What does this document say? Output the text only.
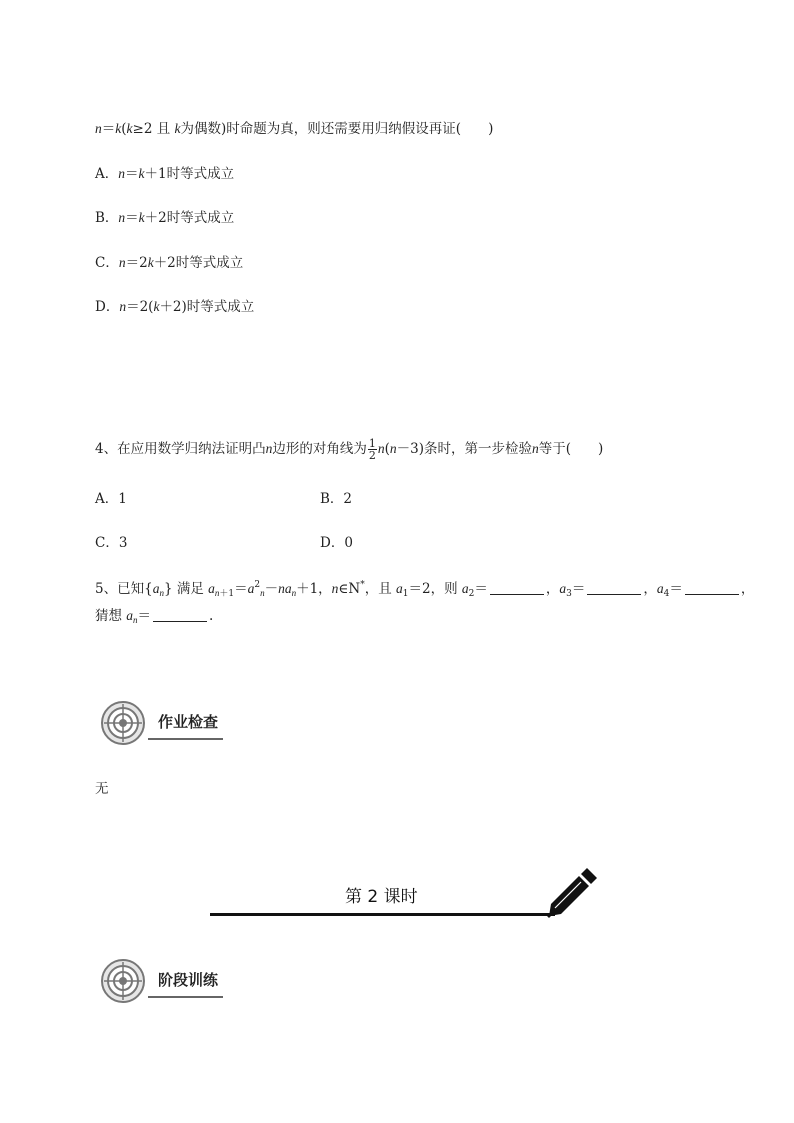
n＝k(k≥2 且 k为偶数)时命题为真，则还需要用归纳假设再证(　　)
A．n＝k＋1时等式成立
B．n＝k＋2时等式成立
C．n＝2k＋2时等式成立
D．n＝2(k＋2)时等式成立
4、在应用数学归纳法证明凸n边形的对角线为 $\frac{1}{2} n(n-3)$条时，第一步检验n等于(　　)
A．1	B．2
C．3	D．0
5、已知$\{a_n\}$ 满足 $a_{n+1}=a^2_n-na_n+1$，n∈N*，且 $a_1=2$，则 $a_2=$	，$a_3=$	，$a_4=$	，
猜想 $a_n=$	.
作业检查
无
第 2 课时
阶段训练
